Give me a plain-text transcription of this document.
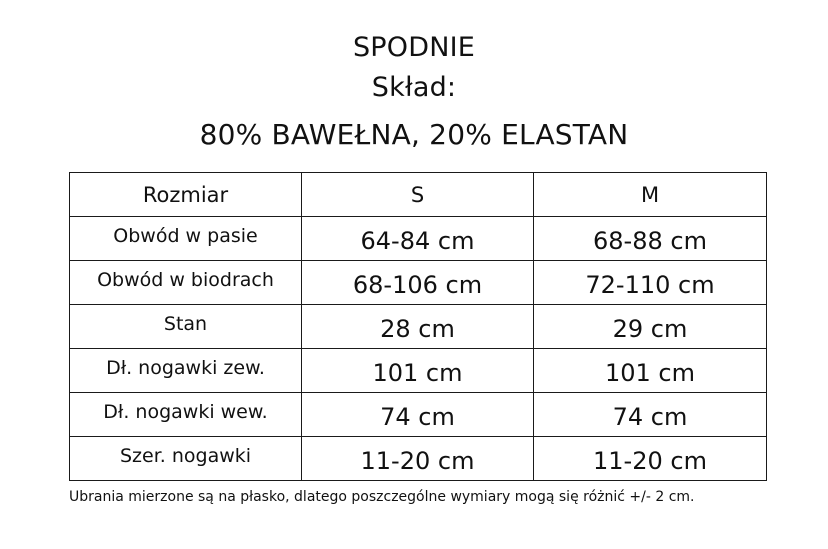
SPODNIE
Skład:
80% BAWEŁNA, 20% ELASTAN
Rozmiar	S	M
Obwód w pasie	64-84 cm	68-88 cm
Obwód w biodrach	68-106 cm	72-110 cm
Stan	28 cm	29 cm
Dł. nogawki zew.	101 cm	101 cm
Dł. nogawki wew.	74 cm	74 cm
Szer. nogawki	11-20 cm	11-20 cm
Ubrania mierzone są na płasko, dlatego poszczególne wymiary mogą się różnić +/- 2 cm.
